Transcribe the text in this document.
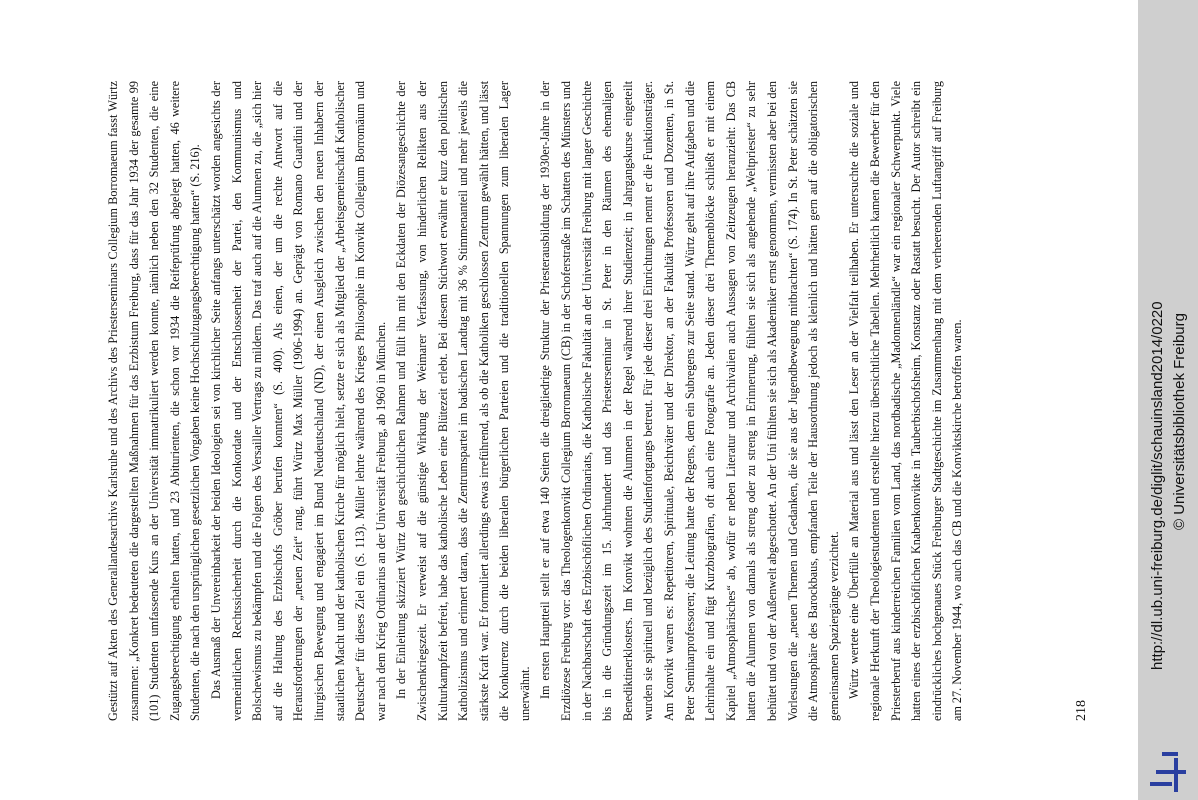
Gestützt auf Akten des Generallandesarchivs Karlsruhe und des Archivs des Priesterseminars Collegium Borromaeum fasst Würtz zusammen: „Konkret bedeuteten die dargestellten Maßnahmen für das Erzbistum Freiburg, dass für das Jahr 1934 der gesamte 99 (101) Studenten umfassende Kurs an der Universität immatrikuliert werden konnte, nämlich neben den 32 Studenten, die eine Zugangsberechtigung erhalten hatten, und 23 Abiturienten, die schon vor 1934 die Reifeprüfung abgelegt hatten, 46 weitere Studenten, die nach den ursprünglichen gesetzlichen Vorgaben keine Hochschulzugangsberechtigung hatten“ (S. 216). Das Ausmaß der Unvereinbarkeit der beiden Ideologien sei von kirchlicher Seite anfangs unterschätzt worden angesichts der vermeintlichen Rechtssicherheit durch die Konkordate und der Entschlossenheit der Partei, den Kommunismus und Bolschewismus zu bekämpfen und die Folgen des Versailler Vertrags zu mildern. Das traf auch auf die Alumnen zu, die „sich hier auf die Haltung des Erzbischofs Gröber berufen konnten“ (S. 400). Als einen, der um die rechte Antwort auf die Herausforderungen der „neuen Zeit“ rang, führt Würtz Max Müller (1906-1994) an. Geprägt von Romano Guardini und der liturgischen Bewegung und engagiert im Bund Neudeutschland (ND), der einen Ausgleich zwischen den neuen Inhabern der staatlichen Macht und der katholischen Kirche für möglich hielt, setzte er sich als Mitglied der „Arbeitsgemeinschaft Katholischer Deutscher“ für dieses Ziel ein (S. 113). Müller lehrte während des Krieges Philosophie im Konvikt Collegium Borromäum und war nach dem Krieg Ordinarius an der Universität Freiburg, ab 1960 in München. In der Einleitung skizziert Würtz den geschichtlichen Rahmen und füllt ihn mit den Eckdaten der Diözesangeschichte der Zwischenkriegszeit. Er verweist auf die günstige Wirkung der Weimarer Verfassung, von hinderlichen Relikten aus der Kulturkampfzeit befreit, habe das katholische Leben eine Blütezeit erlebt. Bei diesem Stichwort erwähnt er kurz den politischen Katholizismus und erinnert daran, dass die Zentrumspartei im badischen Landtag mit 36 % Stimmenanteil und mehr jeweils die stärkste Kraft war. Er formuliert allerdings etwas irreführend, als ob die Katholiken geschlossen Zentrum gewählt hätten, und lässt die Konkurrenz durch die beiden liberalen bürgerlichen Parteien und die traditionellen Spannungen zum liberalen Lager unerwähnt. Im ersten Hauptteil stellt er auf etwa 140 Seiten die dreigliedrige Struktur der Priesterausbildung der 1930er-Jahre in der Erzdiözese Freiburg vor: das Theologenkonvikt Collegium Borromaeum (CB) in der Schoferstraße im Schatten des Münsters und in der Nachbarschaft des Erzbischöflichen Ordinariats, die Katholische Fakultät an der Universität Freiburg mit langer Geschichte bis in die Gründungszeit im 15. Jahrhundert und das Priesterseminar in St. Peter in den Räumen des ehemaligen Benediktinerklosters. Im Konvikt wohnten die Alumnen in der Regel während ihrer Studienzeit; in Jahrgangskurse eingeteilt wurden sie spirituell und bezüglich des Studienfortgangs betreut. Für jede dieser drei Einrichtungen nennt er die Funktionsträger. Am Konvikt waren es: Repetitoren, Spirituale, Beichtväter und der Direktor, an der Fakultät Professoren und Dozenten, in St. Peter Seminarprofessoren; die Leitung hatte der Regens, dem ein Subregens zur Seite stand. Würtz geht auf ihre Aufgaben und die Lehrinhalte ein und fügt Kurzbiografien, oft auch eine Fotografie an. Jeden dieser drei Themenblöcke schließt er mit einem Kapitel „Atmosphärisches“ ab, wofür er neben Literatur und Archivalien auch Aussagen von Zeitzeugen heranzieht: Das CB hatten die Alumnen von damals als streng oder zu streng in Erinnerung, fühlten sie sich als angehende „Weltpriester“ zu sehr behütet und von der Außenwelt abgeschottet. An der Uni fühlten sie sich als Akademiker ernst genommen, vermissten aber bei den Vorlesungen die „neuen Themen und Gedanken, die sie aus der Jugendbewegung mitbrachten“ (S. 174). In St. Peter schätzten sie die Atmosphäre des Barockbaus, empfanden Teile der Hausordnung jedoch als kleinlich und hätten gern auf die obligatorischen gemeinsamen Spaziergänge verzichtet. Würtz wertete eine Überfülle an Material aus und lässt den Leser an der Vielfalt teilhaben. Er untersuchte die soziale und regionale Herkunft der Theologiestudenten und erstellte hierzu übersichtliche Tabellen. Mehrheitlich kamen die Bewerber für den Priesterberuf aus kinderreichen Familien vom Land, das nordbadische „Madonnenländle“ war ein regionaler Schwerpunkt. Viele hatten eines der erzbischöflichen Knabenkonvikte in Tauberbischofsheim, Konstanz oder Rastatt besucht. Der Autor schreibt ein eindrückliches hochgenaues Stück Freiburger Stadtgeschichte im Zusammenhang mit dem verheerenden Luftangriff auf Freiburg am 27. November 1944, wo auch das CB und die Konviktskirche betroffen waren.	218
http://dl.ub.uni-freiburg.de/diglit/schauinsland2014/0220 © Universitätsbibliothek Freiburg
